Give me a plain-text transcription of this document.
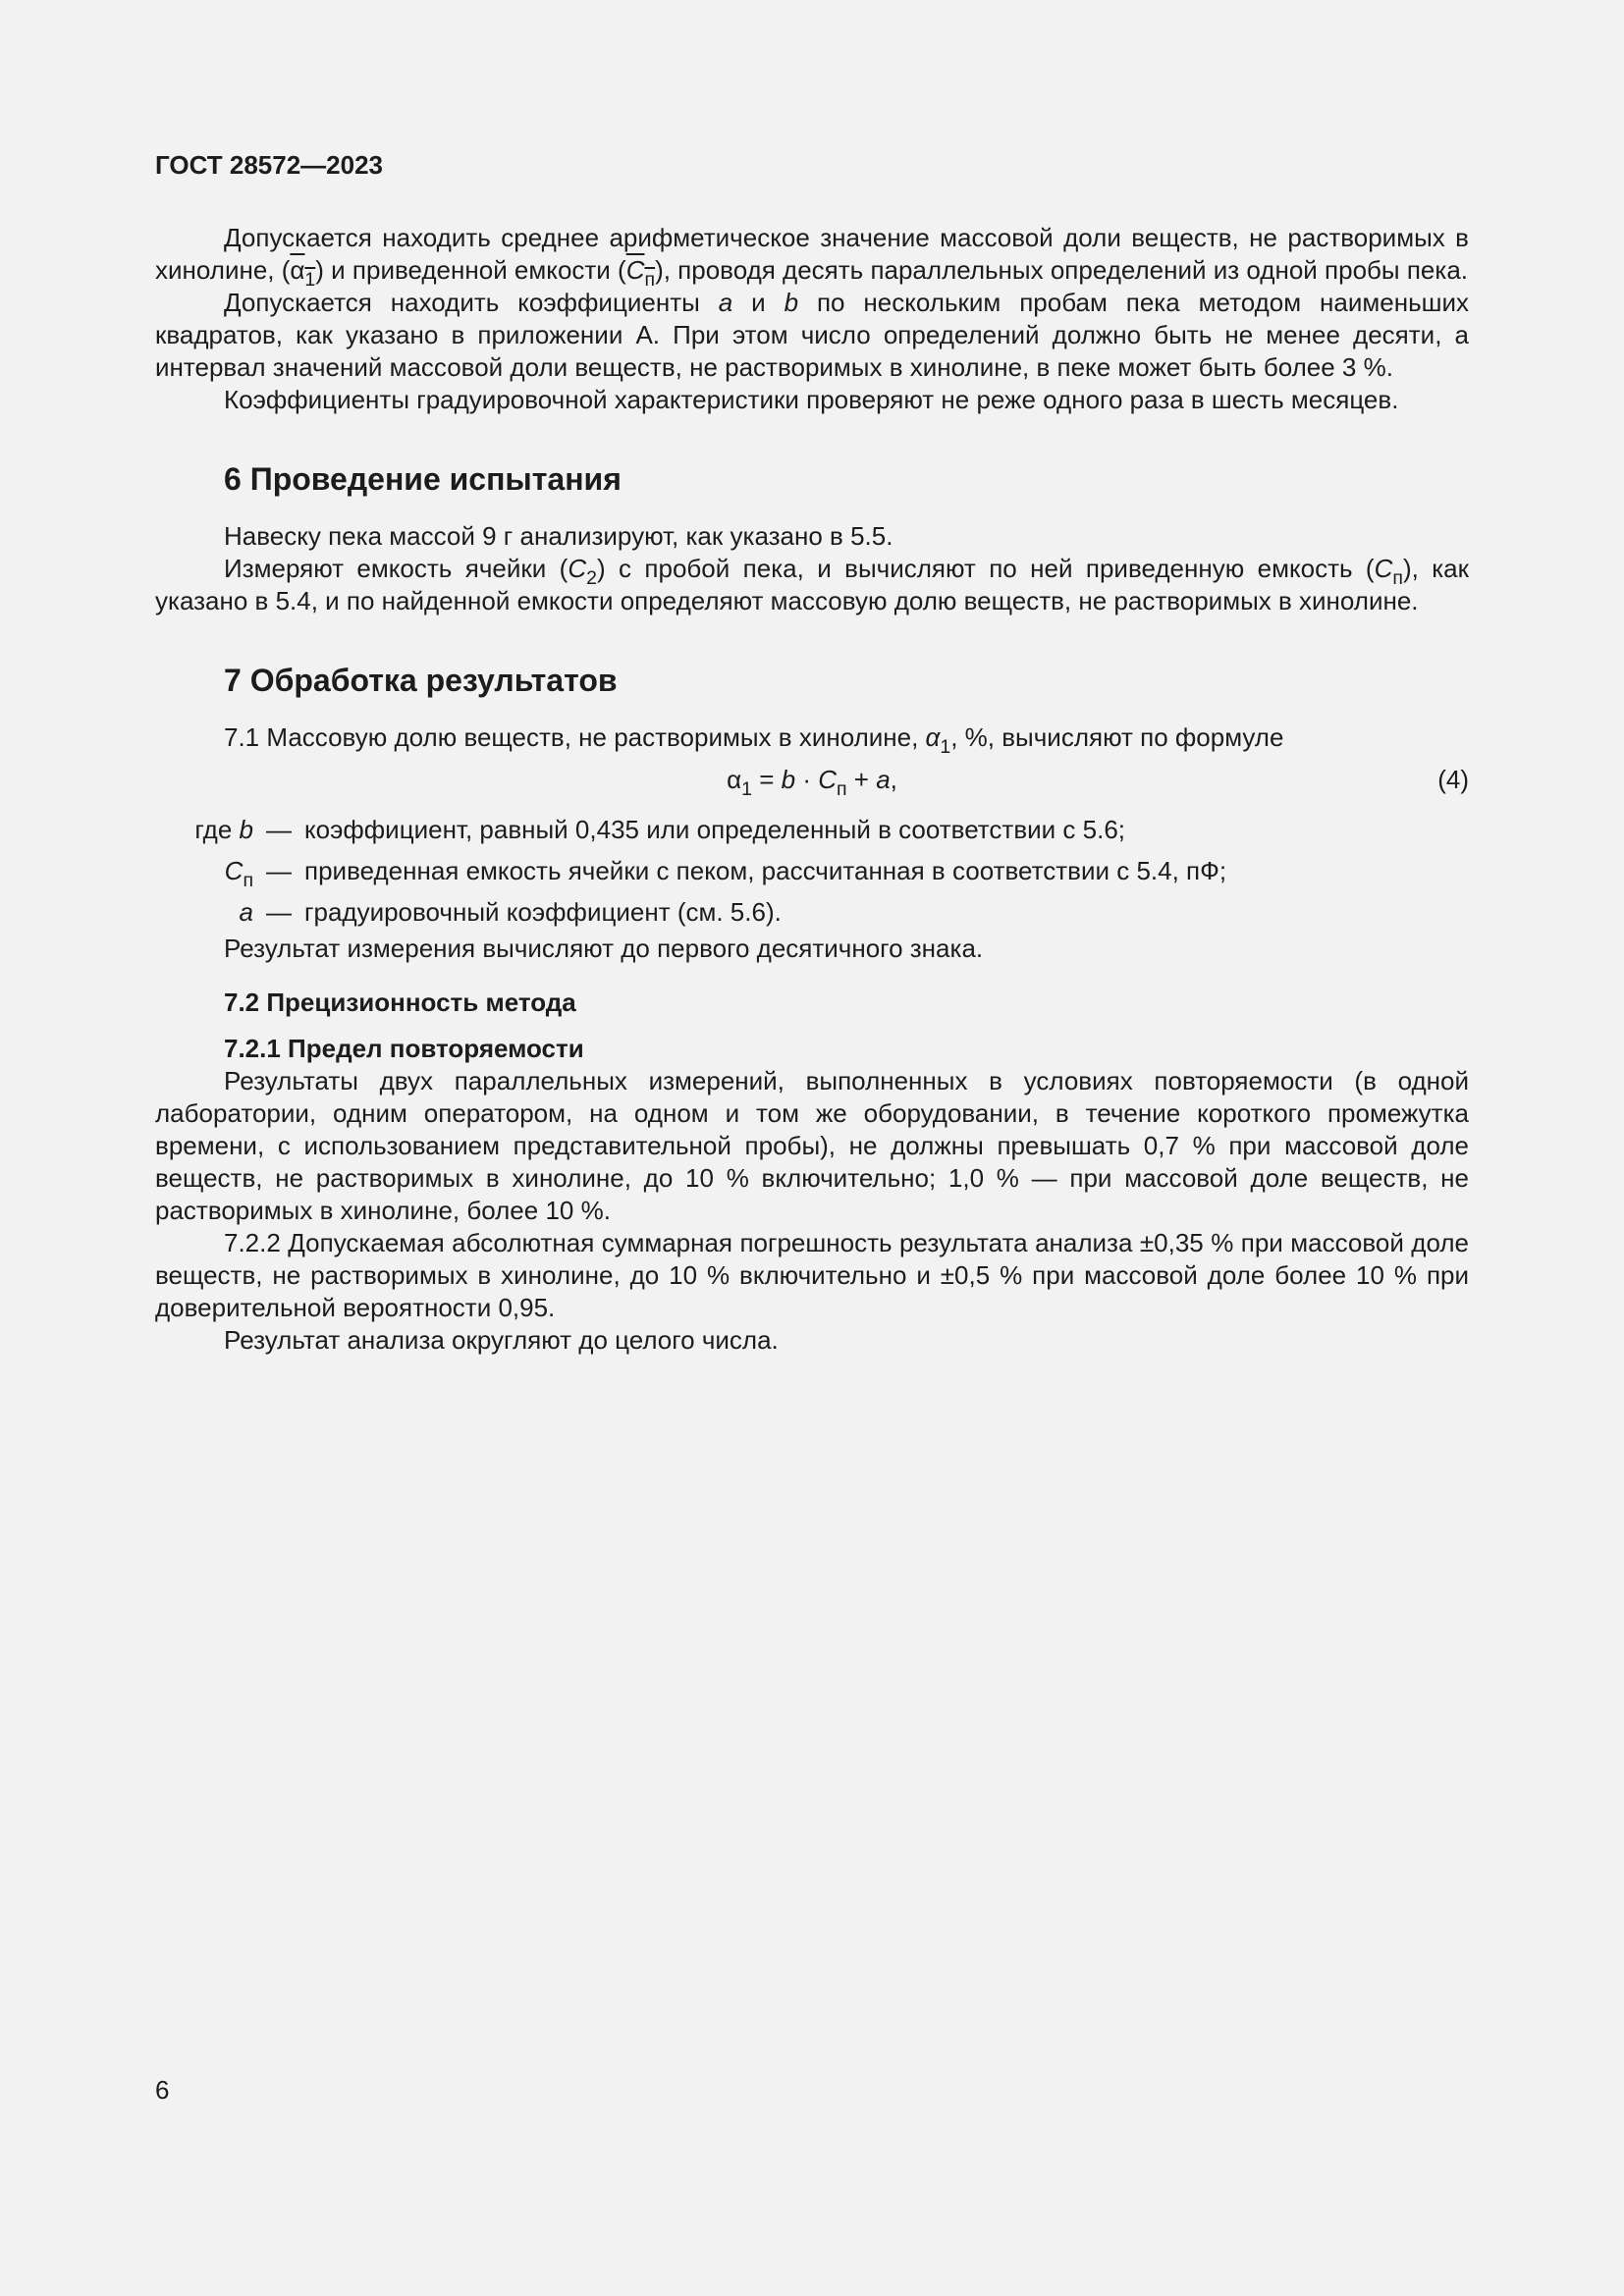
ГОСТ 28572—2023

Допускается находить среднее арифметическое значение массовой доли веществ, не растворимых в хинолине, $(\alpha_1)$ и приведенной емкости $(C_п)$, проводя десять параллельных определений из одной пробы пека.

Допускается находить коэффициенты a и b по нескольким пробам пека методом наименьших квадратов, как указано в приложении А. При этом число определений должно быть не менее десяти, а интервал значений массовой доли веществ, не растворимых в хинолине, в пеке может быть более 3 %.

Коэффициенты градуировочной характеристики проверяют не реже одного раза в шесть месяцев.

6 Проведение испытания

Навеску пека массой 9 г анализируют, как указано в 5.5.

Измеряют емкость ячейки $(C_2)$ с пробой пека, и вычисляют по ней приведенную емкость $(C_п)$, как указано в 5.4, и по найденной емкости определяют массовую долю веществ, не растворимых в хинолине.

7 Обработка результатов

7.1 Массовую долю веществ, не растворимых в хинолине, $\alpha_1$, %, вычисляют по формуле

$\alpha_1 = b \cdot C_п + a$,	(4)
где b — коэффициент, равный 0,435 или определенный в соответствии с 5.6;
$C_п$ — приведенная емкость ячейки с пеком, рассчитанная в соответствии с 5.4, пФ;
a — градуировочный коэффициент (см. 5.6).

Результат измерения вычисляют до первого десятичного знака.

7.2 Прецизионность метода
7.2.1 Предел повторяемости

Результаты двух параллельных измерений, выполненных в условиях повторяемости (в одной лаборатории, одним оператором, на одном и том же оборудовании, в течение короткого промежутка времени, с использованием представительной пробы), не должны превышать 0,7 % при массовой доле веществ, не растворимых в хинолине, до 10 % включительно; 1,0 % — при массовой доле веществ, не растворимых в хинолине, более 10 %.

7.2.2 Допускаемая абсолютная суммарная погрешность результата анализа ±0,35 % при массовой доле веществ, не растворимых в хинолине, до 10 % включительно и ±0,5 % при массовой доле более 10 % при доверительной вероятности 0,95.

Результат анализа округляют до целого числа.

6
